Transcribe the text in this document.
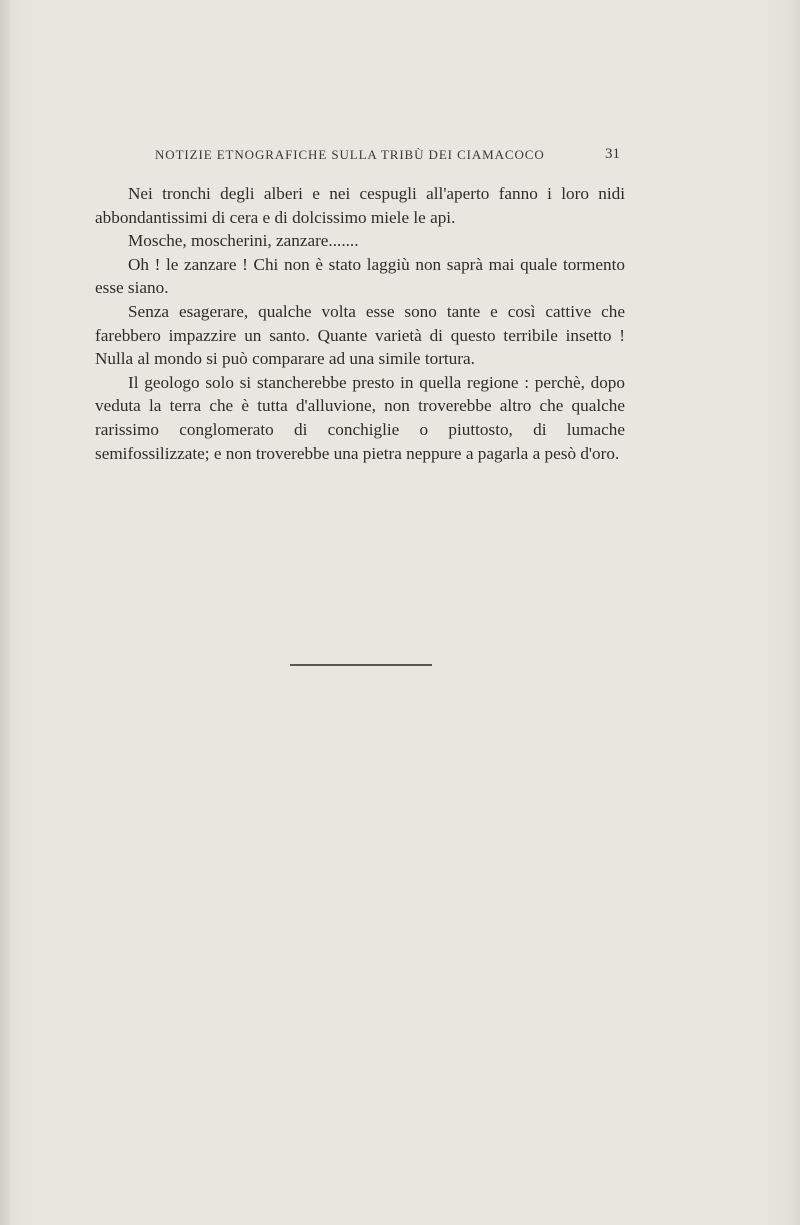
NOTIZIE ETNOGRAFICHE SULLA TRIBÙ DEI CIAMACOCO	31

Nei tronchi degli alberi e nei cespugli all'aperto fanno i loro nidi abbondantissimi di cera e di dolcissimo miele le api.

Mosche, moscherini, zanzare.......

Oh ! le zanzare ! Chi non è stato laggiù non saprà mai quale tormento esse siano.

Senza esagerare, qualche volta esse sono tante e così cattive che farebbero impazzire un santo. Quante varietà di questo terribile insetto ! Nulla al mondo si può comparare ad una simile tortura.

Il geologo solo si stancherebbe presto in quella regione : perchè, dopo veduta la terra che è tutta d'alluvione, non troverebbe altro che qualche rarissimo conglomerato di conchiglie o piuttosto, di lumache semifossilizzate; e non troverebbe una pietra neppure a pagarla a pesò d'oro.
